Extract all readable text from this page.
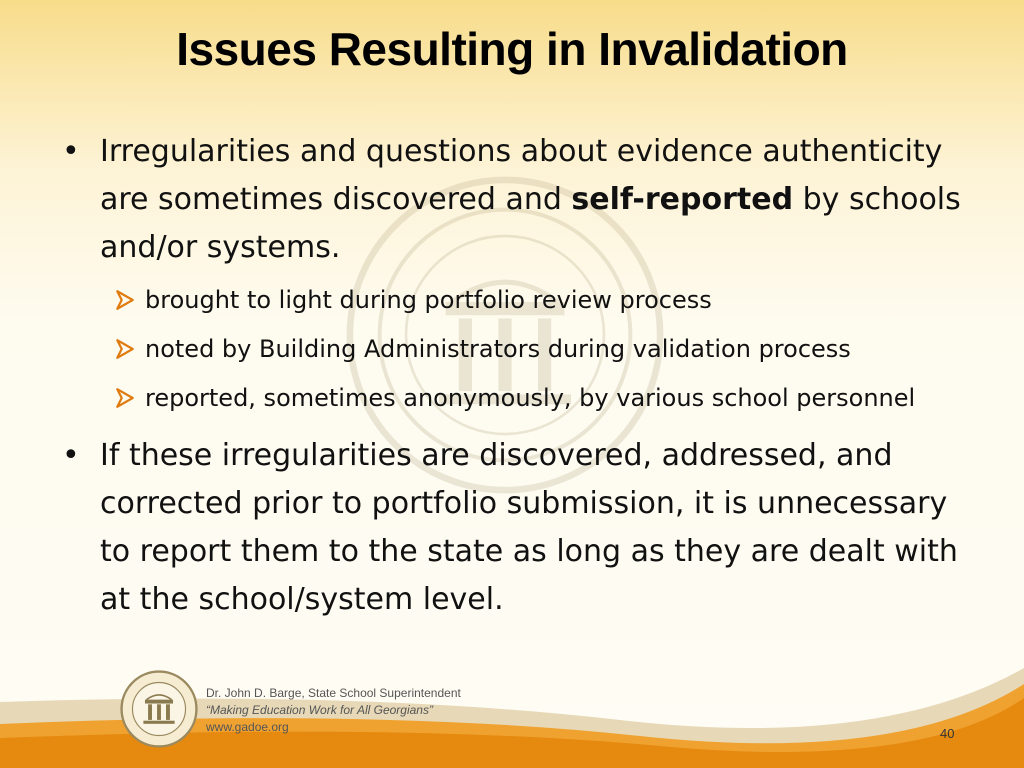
Issues Resulting in Invalidation
• Irregularities and questions about evidence authenticity are sometimes discovered and self-reported by schools and/or systems.
brought to light during portfolio review process
noted by Building Administrators during validation process
reported, sometimes anonymously, by various school personnel
• If these irregularities are discovered, addressed, and corrected prior to portfolio submission, it is unnecessary to report them to the state as long as they are dealt with at the school/system level.
Dr. John D. Barge, State School Superintendent
“Making Education Work for All Georgians”
www.gadoe.org	40
